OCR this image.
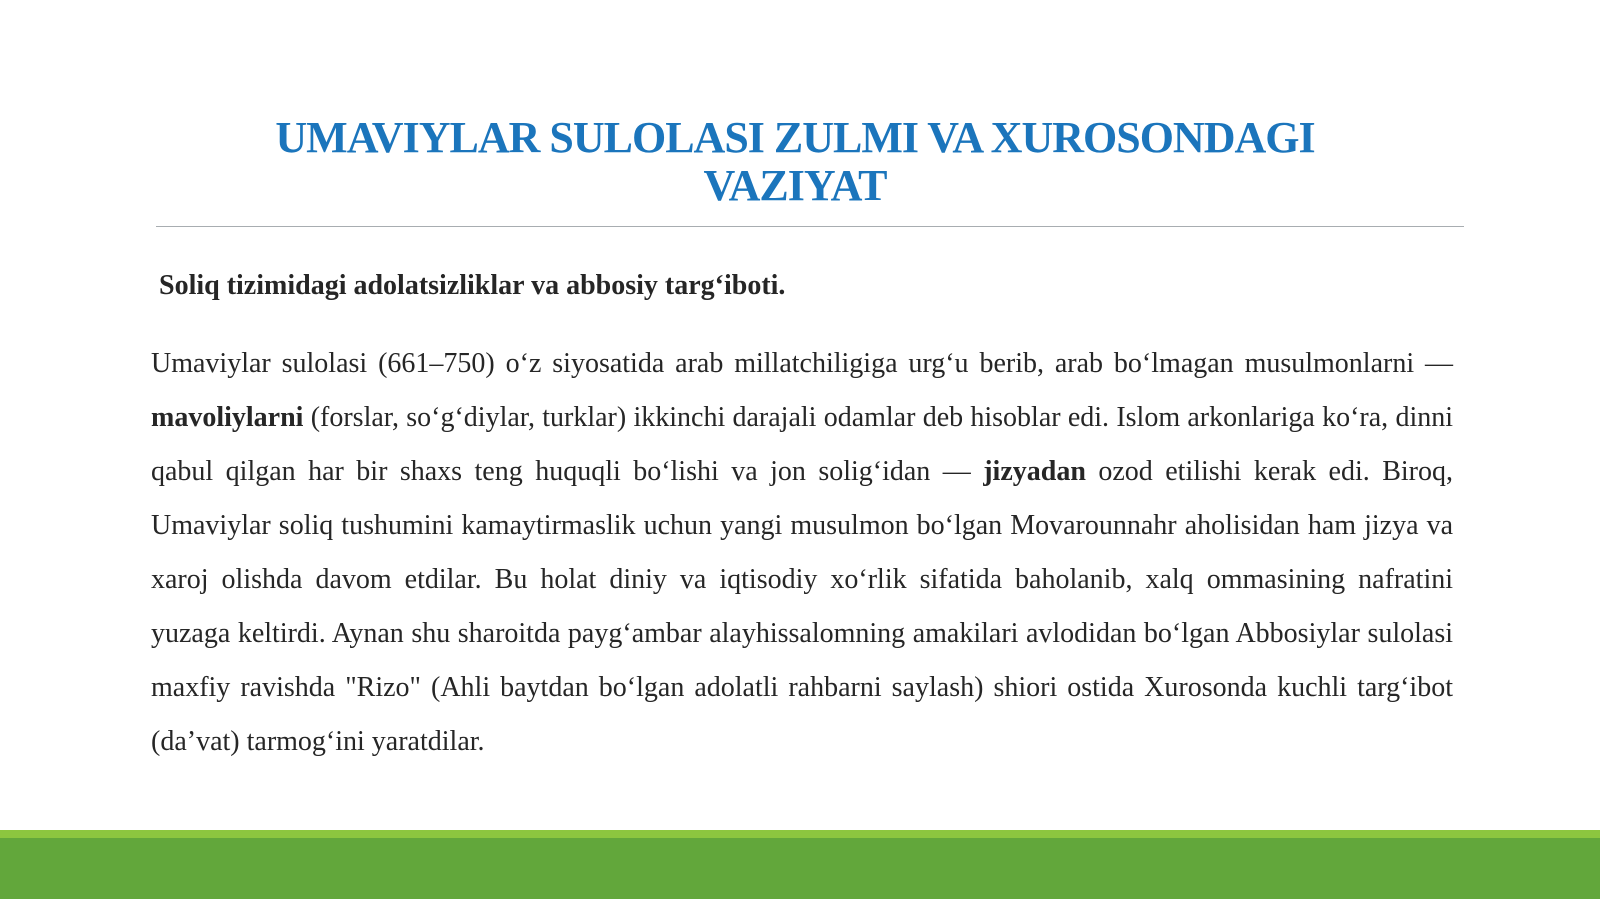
UMAVIYLAR SULOLASI ZULMI VA XUROSONDAGI
VAZIYAT

Soliq tizimidagi adolatsizliklar va abbosiy targ‘iboti.

Umaviylar sulolasi (661–750) o‘z siyosatida arab millatchiligiga urg‘u berib, arab bo‘lmagan musulmonlarni — mavoliylarni (forslar, so‘g‘diylar, turklar) ikkinchi darajali odamlar deb hisoblar edi. Islom arkonlariga ko‘ra, dinni qabul qilgan har bir shaxs teng huquqli bo‘lishi va jon solig‘idan — jizyadan ozod etilishi kerak edi. Biroq, Umaviylar soliq tushumini kamaytirmaslik uchun yangi musulmon bo‘lgan Movarounnahr aholisidan ham jizya va xaroj olishda davom etdilar. Bu holat diniy va iqtisodiy xo‘rlik sifatida baholanib, xalq ommasining nafratini yuzaga keltirdi. Aynan shu sharoitda payg‘ambar alayhissalomning amakilari avlodidan bo‘lgan Abbosiylar sulolasi maxfiy ravishda "Rizo" (Ahli baytdan bo‘lgan adolatli rahbarni saylash) shiori ostida Xurosonda kuchli targ‘ibot (da’vat) tarmog‘ini yaratdilar.
